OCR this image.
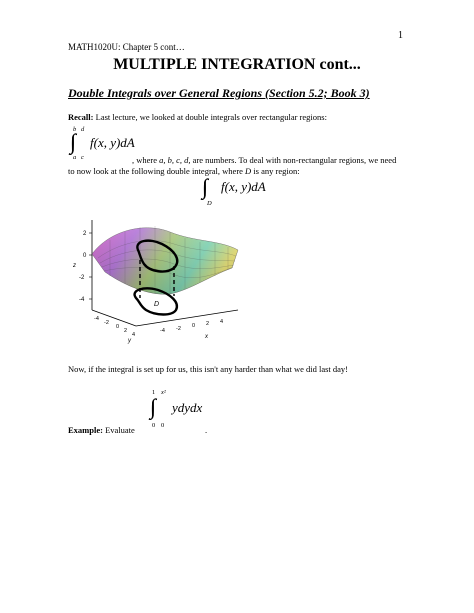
1
MATH1020U: Chapter 5 cont…
MULTIPLE INTEGRATION cont...
Double Integrals over General Regions (Section 5.2; Book 3)
Recall: Last lecture, we looked at double integrals over rectangular regions:
b d
∫∫
a c
f(x, y)dA
, where a, b, c, d, are numbers. To deal with non-rectangular regions, we need to now look at the following double integral, where D is any region:
∫∫
D
f(x, y)dA
2
0
-2
-4
z
D
-4
-2
0
2
4
-4 -2 0 2 4
y
x
Now, if the integral is set up for us, this isn't any harder than what we did last day!
1 x²
∫∫
0 0
ydydx
Example: Evaluate	.
